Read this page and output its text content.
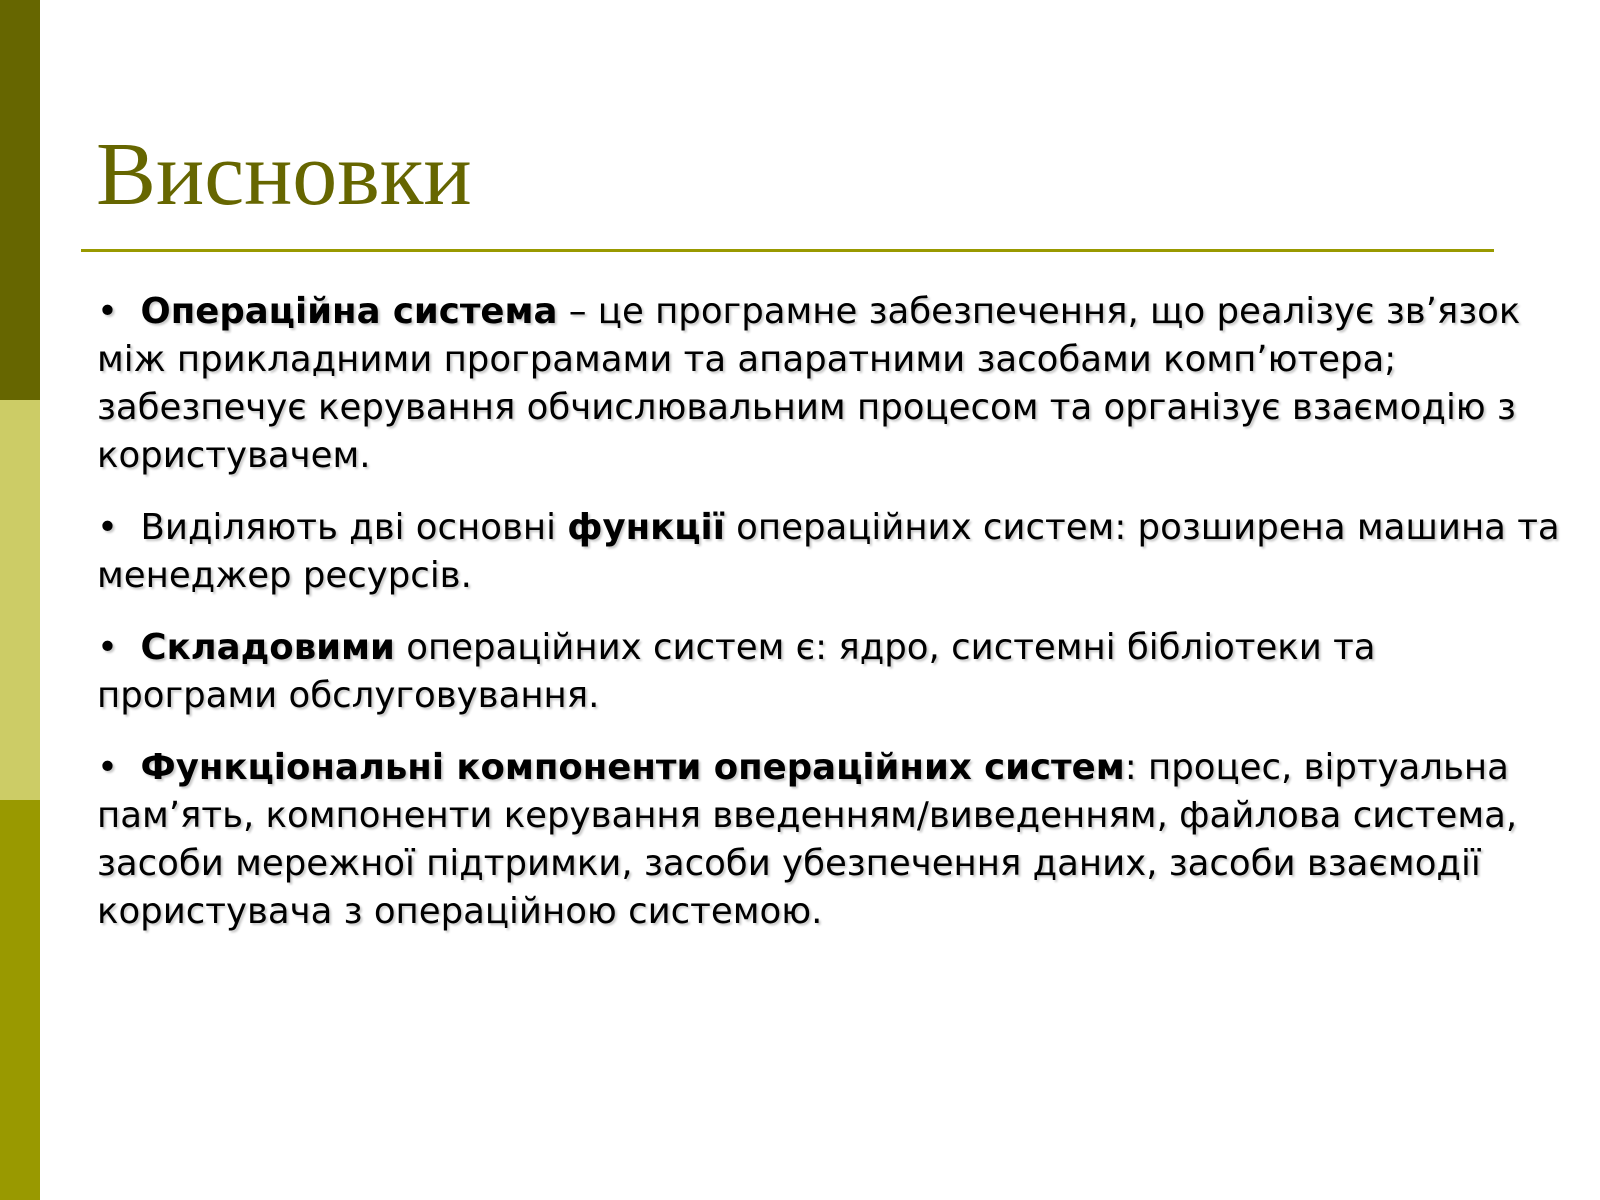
Висновки

• Операційна система – це програмне забезпечення, що реалізує зв’язок між прикладними програмами та апаратними засобами комп’ютера; забезпечує керування обчислювальним процесом та організує взаємодію з користувачем.

• Виділяють дві основні функції операційних систем: розширена машина та менеджер ресурсів.

• Складовими операційних систем є: ядро, системні бібліотеки та програми обслуговування.

• Функціональні компоненти операційних систем: процес, віртуальна пам’ять, компоненти керування введенням/виведенням, файлова система, засоби мережної підтримки, засоби убезпечення даних, засоби взаємодії користувача з операційною системою.
